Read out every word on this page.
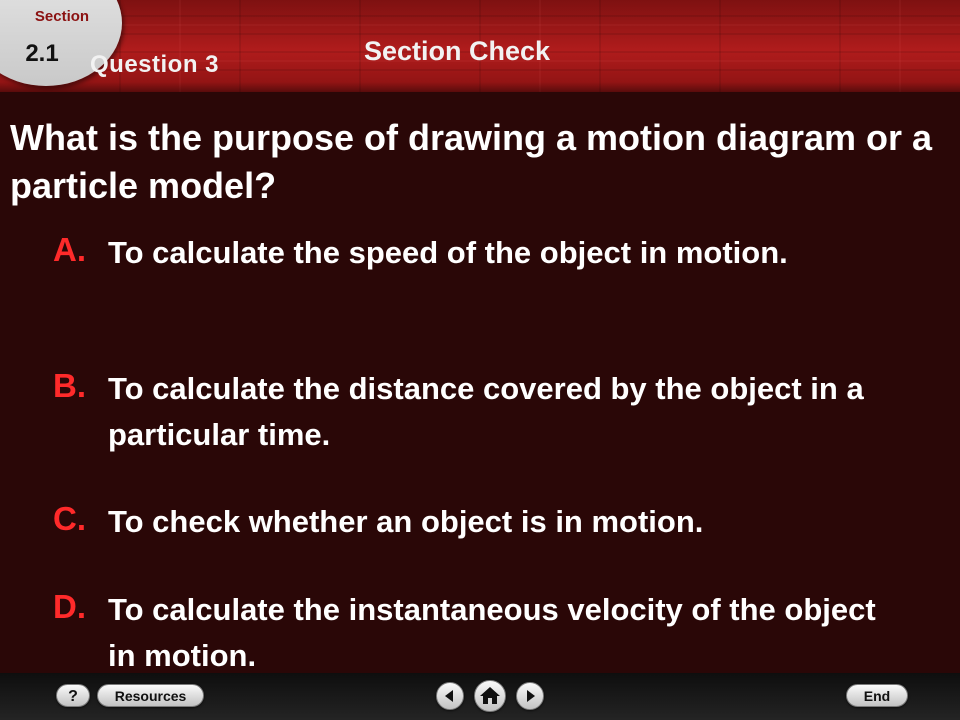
Section
2.1 Question 3	Section Check
What is the purpose of drawing a motion diagram or a particle model?
A. To calculate the speed of the object in motion.
B. To calculate the distance covered by the object in a particular time.
C. To check whether an object is in motion.
D. To calculate the instantaneous velocity of the object in motion.
?	Resources	End
